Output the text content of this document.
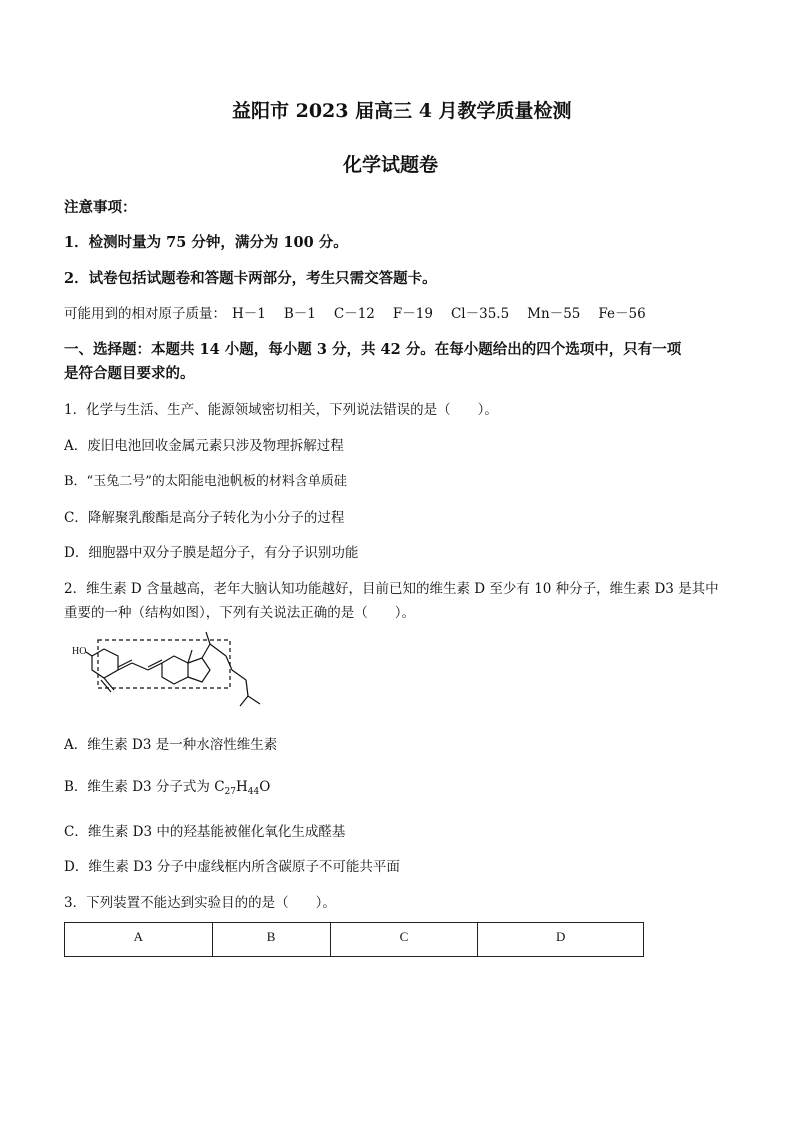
益阳市 2023 届高三 4 月教学质量检测
化学试题卷
注意事项：
1．检测时量为 75 分钟，满分为 100 分。
2．试卷包括试题卷和答题卡两部分，考生只需交答题卡。
可能用到的相对原子质量： H－1 B－1 C－12 F－19 Cl－35.5 Mn－55 Fe－56
一、选择题：本题共 14 小题，每小题 3 分，共 42 分。在每小题给出的四个选项中，只有一项
是符合题目要求的。
1．化学与生活、生产、能源领域密切相关，下列说法错误的是（　　）。
A．废旧电池回收金属元素只涉及物理拆解过程
B．“玉兔二号”的太阳能电池帆板的材料含单质硅
C．降解聚乳酸酯是高分子转化为小分子的过程
D．细胞器中双分子膜是超分子，有分子识别功能
2．维生素 D 含量越高，老年大脑认知功能越好，目前已知的维生素 D 至少有 10 种分子，维生素 D3 是其中
重要的一种（结构如图），下列有关说法正确的是（　　）。
HO
A．维生素 D3 是一种水溶性维生素
B．维生素 D3 分子式为 $C_{27}H_{44}O$
C．维生素 D3 中的羟基能被催化氧化生成醛基
D．维生素 D3 分子中虚线框内所含碳原子不可能共平面
3．下列装置不能达到实验目的的是（　　）。
A	B	C	D
